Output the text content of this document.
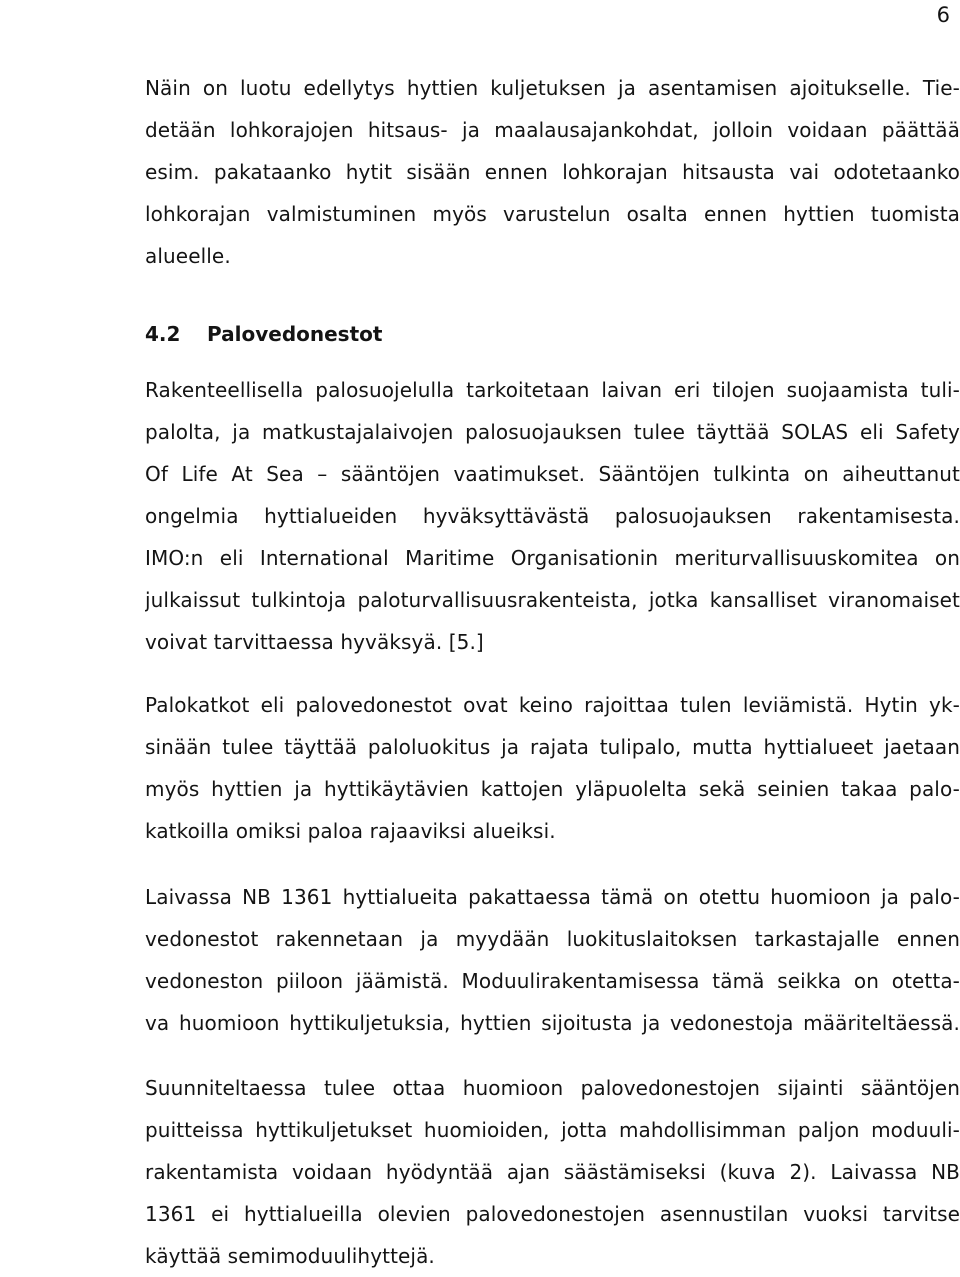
6
Näin on luotu edellytys hyttien kuljetuksen ja asentamisen ajoitukselle. Tie-
detään lohkorajojen hitsaus- ja maalausajankohdat, jolloin voidaan päättää
esim. pakataanko hytit sisään ennen lohkorajan hitsausta vai odotetaanko
lohkorajan valmistuminen myös varustelun osalta ennen hyttien tuomista
alueelle.
4.2 Palovedonestot
Rakenteellisella palosuojelulla tarkoitetaan laivan eri tilojen suojaamista tuli-
palolta, ja matkustajalaivojen palosuojauksen tulee täyttää SOLAS eli Safety
Of Life At Sea – sääntöjen vaatimukset. Sääntöjen tulkinta on aiheuttanut
ongelmia hyttialueiden hyväksyttävästä palosuojauksen rakentamisesta.
IMO:n eli International Maritime Organisationin meriturvallisuuskomitea on
julkaissut tulkintoja paloturvallisuusrakenteista, jotka kansalliset viranomaiset
voivat tarvittaessa hyväksyä. [5.]
Palokatkot eli palovedonestot ovat keino rajoittaa tulen leviämistä. Hytin yk-
sinään tulee täyttää paloluokitus ja rajata tulipalo, mutta hyttialueet jaetaan
myös hyttien ja hyttikäytävien kattojen yläpuolelta sekä seinien takaa palo-
katkoilla omiksi paloa rajaaviksi alueiksi.
Laivassa NB 1361 hyttialueita pakattaessa tämä on otettu huomioon ja palo-
vedonestot rakennetaan ja myydään luokituslaitoksen tarkastajalle ennen
vedoneston piiloon jäämistä. Moduulirakentamisessa tämä seikka on otetta-
va huomioon hyttikuljetuksia, hyttien sijoitusta ja vedonestoja määriteltäessä.
Suunniteltaessa tulee ottaa huomioon palovedonestojen sijainti sääntöjen
puitteissa hyttikuljetukset huomioiden, jotta mahdollisimman paljon moduuli-
rakentamista voidaan hyödyntää ajan säästämiseksi (kuva 2). Laivassa NB
1361 ei hyttialueilla olevien palovedonestojen asennustilan vuoksi tarvitse
käyttää semimoduulihyttejä.
